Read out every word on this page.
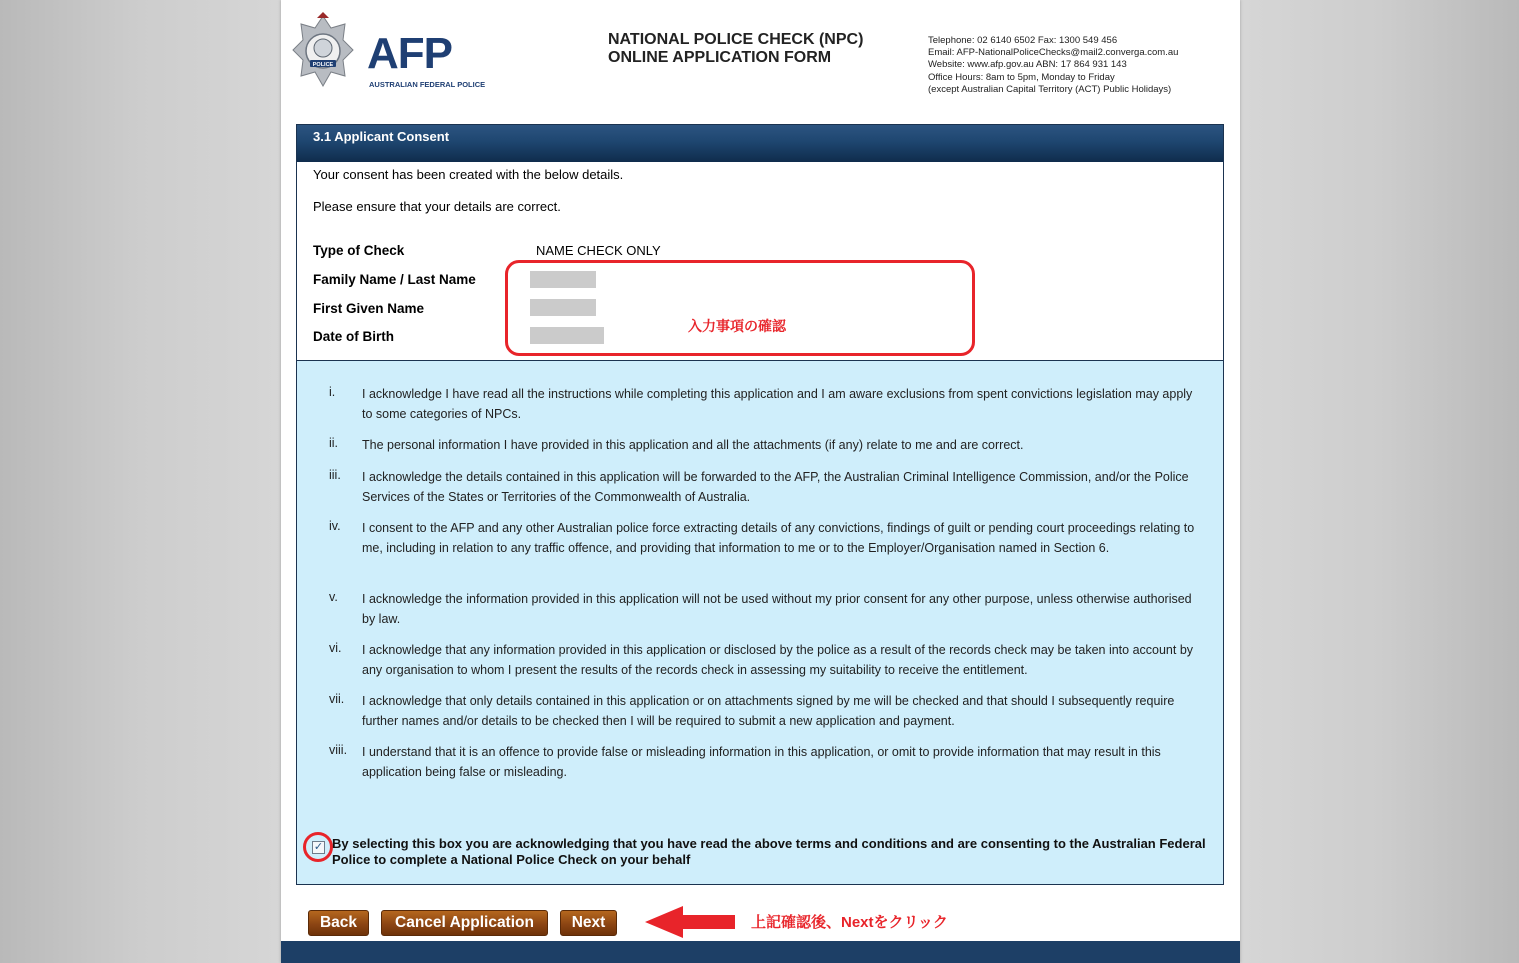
POLICE AFP
AUSTRALIAN FEDERAL POLICE
NATIONAL POLICE CHECK (NPC)
ONLINE APPLICATION FORM
Telephone: 02 6140 6502 Fax: 1300 549 456
Email: AFP-NationalPoliceChecks@mail2.converga.com.au
Website: www.afp.gov.au ABN: 17 864 931 143
Office Hours: 8am to 5pm, Monday to Friday
(except Australian Capital Territory (ACT) Public Holidays)
3.1 Applicant Consent
Your consent has been created with the below details.
Please ensure that your details are correct.
Type of Check	NAME CHECK ONLY
Family Name / Last Name
First Given Name
Date of Birth
入力事項の確認
i. I acknowledge I have read all the instructions while completing this application and I am aware exclusions from spent convictions legislation may apply to some categories of NPCs.
ii. The personal information I have provided in this application and all the attachments (if any) relate to me and are correct.
iii. I acknowledge the details contained in this application will be forwarded to the AFP, the Australian Criminal Intelligence Commission, and/or the Police Services of the States or Territories of the Commonwealth of Australia.
iv. I consent to the AFP and any other Australian police force extracting details of any convictions, findings of guilt or pending court proceedings relating to me, including in relation to any traffic offence, and providing that information to me or to the Employer/Organisation named in Section 6.
v. I acknowledge the information provided in this application will not be used without my prior consent for any other purpose, unless otherwise authorised by law.
vi. I acknowledge that any information provided in this application or disclosed by the police as a result of the records check may be taken into account by any organisation to whom I present the results of the records check in assessing my suitability to receive the entitlement.
vii. I acknowledge that only details contained in this application or on attachments signed by me will be checked and that should I subsequently require further names and/or details to be checked then I will be required to submit a new application and payment.
viii. I understand that it is an offence to provide false or misleading information in this application, or omit to provide information that may result in this application being false or misleading.
✓ By selecting this box you are acknowledging that you have read the above terms and conditions and are consenting to the Australian Federal Police to complete a National Police Check on your behalf
Back	Cancel Application	Next	上記確認後、Nextをクリック
